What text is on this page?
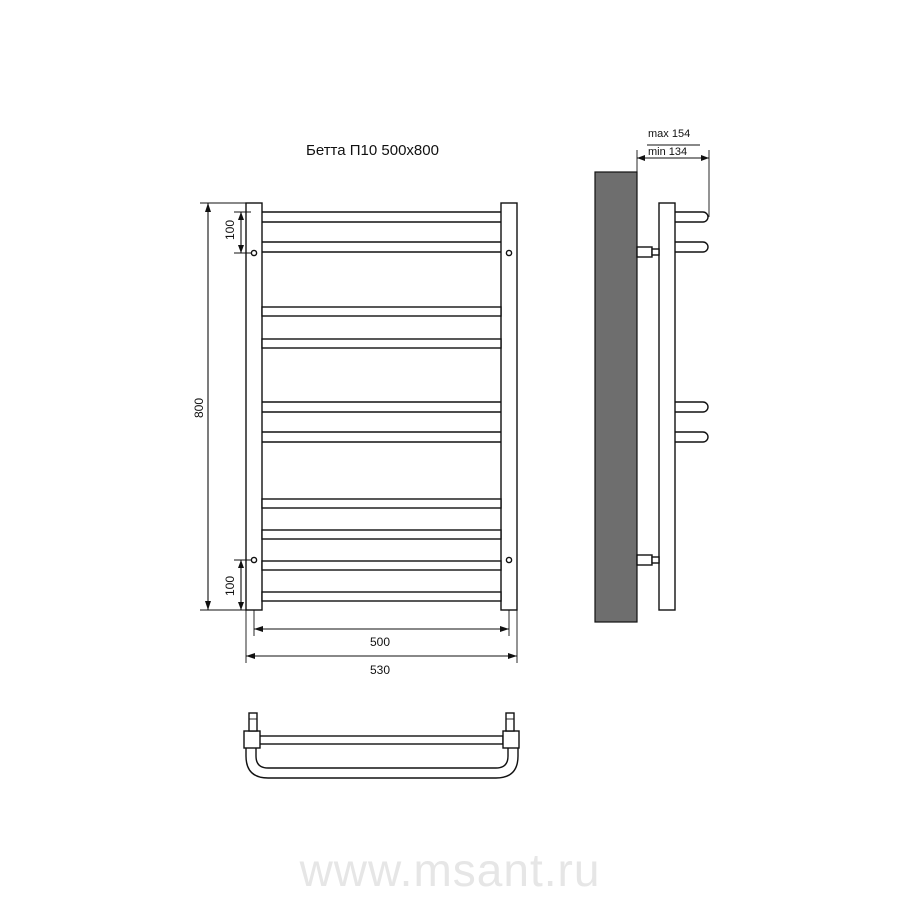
www.msant.ru
Бетта П10 500х800
800
100
100
500
530
max 154
min 134
